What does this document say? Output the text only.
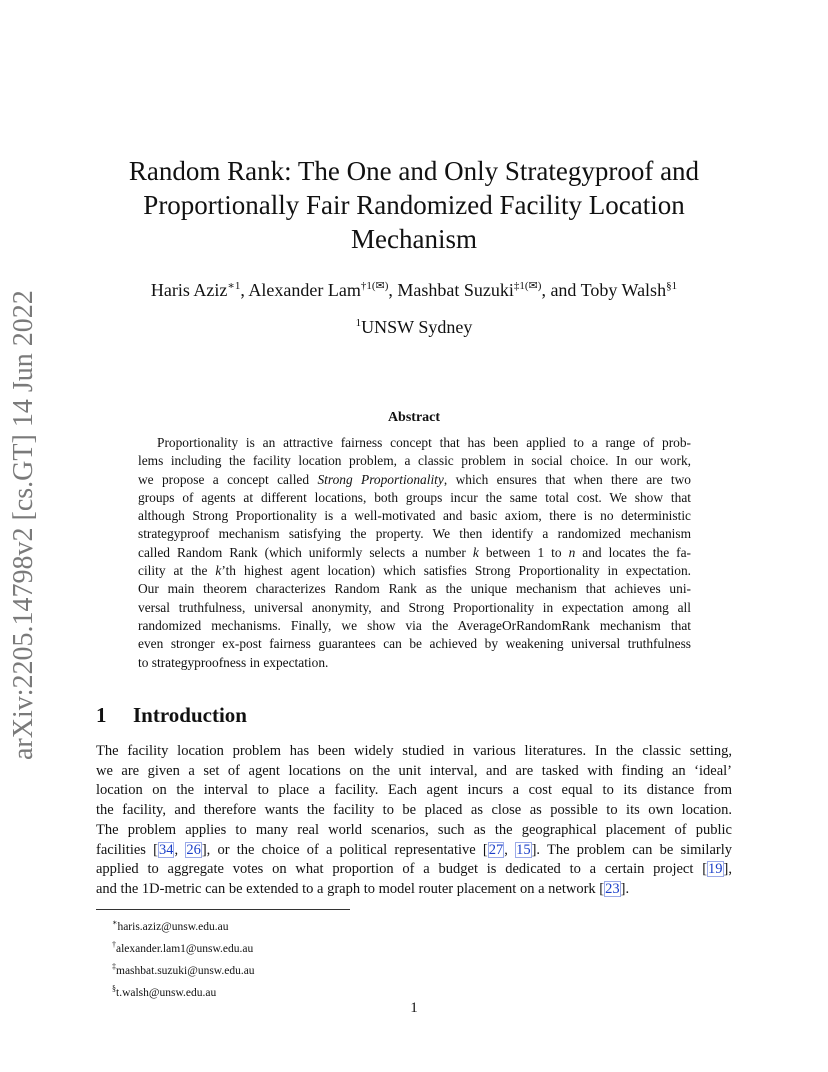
arXiv:2205.14798v2 [cs.GT] 14 Jun 2022
Random Rank: The One and Only Strategyproof and
Proportionally Fair Randomized Facility Location
Mechanism
Haris Aziz$^{∗1}$, Alexander Lam$^{\dagger 1(✉)}$, Mashbat Suzuki$^{\ddagger 1(✉)}$, and Toby Walsh$^{\S 1}$
$^1$UNSW Sydney
Abstract
Proportionality is an attractive fairness concept that has been applied to a range of prob-
lems including the facility location problem, a classic problem in social choice. In our work,
we propose a concept called Strong Proportionality, which ensures that when there are two
groups of agents at different locations, both groups incur the same total cost. We show that
although Strong Proportionality is a well-motivated and basic axiom, there is no deterministic
strategyproof mechanism satisfying the property. We then identify a randomized mechanism
called Random Rank (which uniformly selects a number k between 1 to n and locates the fa-
cility at the k’th highest agent location) which satisfies Strong Proportionality in expectation.
Our main theorem characterizes Random Rank as the unique mechanism that achieves uni-
versal truthfulness, universal anonymity, and Strong Proportionality in expectation among all
randomized mechanisms. Finally, we show via the AverageOrRandomRank mechanism that
even stronger ex-post fairness guarantees can be achieved by weakening universal truthfulness
to strategyproofness in expectation.
1 Introduction
The facility location problem has been widely studied in various literatures. In the classic setting,
we are given a set of agent locations on the unit interval, and are tasked with finding an ‘ideal’
location on the interval to place a facility. Each agent incurs a cost equal to its distance from
the facility, and therefore wants the facility to be placed as close as possible to its own location.
The problem applies to many real world scenarios, such as the geographical placement of public
facilities [34, 26], or the choice of a political representative [27, 15]. The problem can be similarly
applied to aggregate votes on what proportion of a budget is dedicated to a certain project [19],
and the 1D-metric can be extended to a graph to model router placement on a network [23].
∗haris.aziz@unsw.edu.au
†alexander.lam1@unsw.edu.au
‡mashbat.suzuki@unsw.edu.au
§t.walsh@unsw.edu.au
1
